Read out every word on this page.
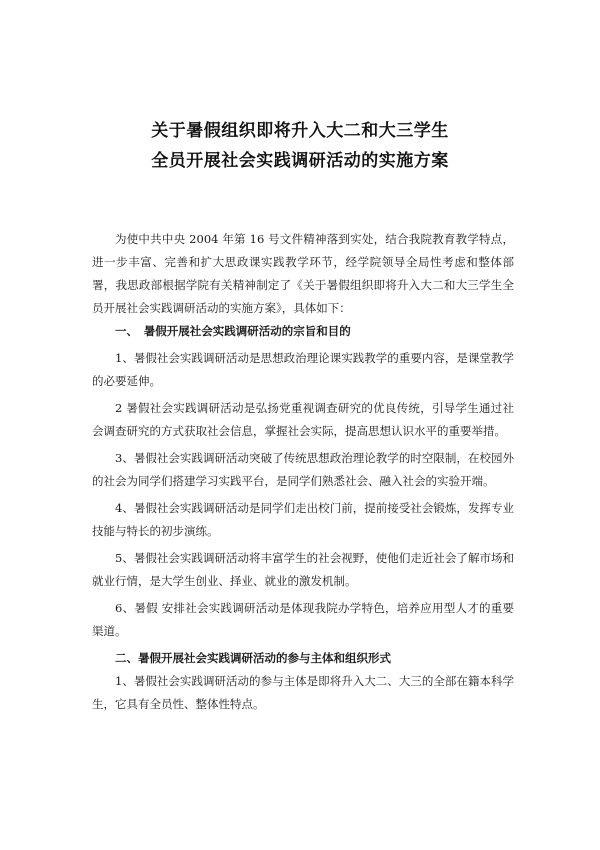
关于暑假组织即将升入大二和大三学生
全员开展社会实践调研活动的实施方案

为使中共中央 2004 年第 16 号文件精神落到实处，结合我院教育教学特点，进一步丰富、完善和扩大思政课实践教学环节，经学院领导全局性考虑和整体部署，我思政部根据学院有关精神制定了《关于暑假组织即将升入大二和大三学生全员开展社会实践调研活动的实施方案》，具体如下：

一、　暑假开展社会实践调研活动的宗旨和目的

1、暑假社会实践调研活动是思想政治理论课实践教学的重要内容，是课堂教学的必要延伸。

2 暑假社会实践调研活动是弘扬党重视调查研究的优良传统，引导学生通过社会调查研究的方式获取社会信息，掌握社会实际，提高思想认识水平的重要举措。

3、暑假社会实践调研活动突破了传统思想政治理论教学的时空限制，在校园外的社会为同学们搭建学习实践平台，是同学们熟悉社会、融入社会的实验开端。

4、暑假社会实践调研活动是同学们走出校门前，提前接受社会锻炼，发挥专业技能与特长的初步演练。

5、暑假社会实践调研活动将丰富学生的社会视野，使他们走近社会了解市场和就业行情，是大学生创业、择业、就业的激发机制。

6、暑假 安排社会实践调研活动是体现我院办学特色，培养应用型人才的重要渠道。

二、暑假开展社会实践调研活动的参与主体和组织形式

1、暑假社会实践调研活动的参与主体是即将升入大二、大三的全部在籍本科学生，它具有全员性、整体性特点。
